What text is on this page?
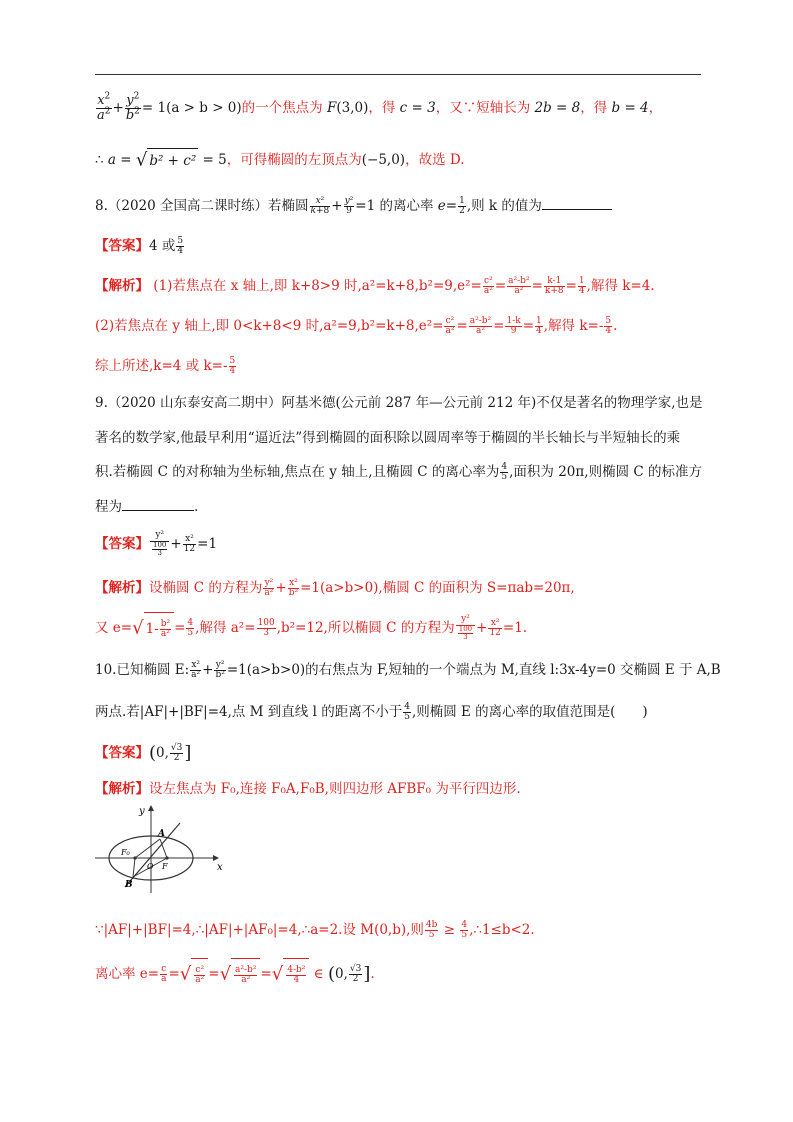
$\frac{x^2}{a^2} + \frac{y^2}{b^2} = 1(a > b > 0)$的一个焦点为 F(3,0)，得 c = 3，又∵短轴长为 2b = 8，得 b = 4，
∴ a = √ b² + c² = 5，可得椭圆的左顶点为(−5,0)，故选 D.
8.（2020 全国高二课时练）若椭圆 $\frac{\text{x²}}{k+8} + \frac{\text{y²}}{9} =1$ 的离心率 $e= \frac{1}{2}$ ,则 k 的值为
【答案】4 或 $\frac{5}{4}$
【解析】 (1)若焦点在 x 轴上,即 k+8>9 时$,a^2=k+8,b^2=9,e^2= \frac{\text{c²}}{\text{a²}} = \frac{\text{a²-b²}}{\text{a²}} = \frac{k-1}{k+8} = \frac{1}{4}$ ,解得 k=4.
(2)若焦点在 y 轴上,即 0<k+8<9 时$,a^2=9,b^2=k+8,e^2= \frac{\text{c²}}{\text{a²}} = \frac{\text{a²-b²}}{\text{a²}} = \frac{1-k}{9} = \frac{1}{4}$ ,解得 $k=- \frac{5}{4}$ .
综上所述,k=4 或 $k=- \frac{5}{4}$
9.（2020 山东泰安高二期中）阿基米德(公元前 287 年—公元前 212 年)不仅是著名的物理学家,也是
著名的数学家,他最早利用“逼近法”得到椭圆的面积除以圆周率等于椭圆的半长轴长与半短轴长的乘
积.若椭圆 C 的对称轴为坐标轴,焦点在 y 轴上,且椭圆 C 的离心率为 $\frac{4}{5}$ ,面积为 20π,则椭圆 C 的标准方
程为	.
【答案】 $\frac{\text{y²}}{\frac{100}{3}} + \frac{\text{x²}}{12} =1$
【解析】设椭圆 C 的方程为 $\frac{\text{y²}}{\text{a²}} + \frac{\text{x²}}{\text{b²}} =1(a>b>0)$,椭圆 C 的面积为 S=πab=20π,
又 e=√ $1- \frac{\text{b²}}{\text{a²}} = \frac{4}{5}$ ,解得 $a^2= \frac{100}{3} ,b^2=12$,所以椭圆 C 的方程为 $\frac{\text{y²}}{\frac{100}{3}} + \frac{\text{x²}}{12} =1$.
10.已知椭圆 E: $\frac{\text{x²}}{\text{a²}} + \frac{\text{y²}}{\text{b²}} =1(a>b>0)$的右焦点为 F,短轴的一个端点为 M,直线 l:3x-4y=0 交椭圆 E 于 A,B
两点.若|AF|+|BF|=4,点 M 到直线 l 的距离不小于 $\frac{4}{5}$ ,则椭圆 E 的离心率的取值范围是(　　)
【答案】(0, $\frac{√3}{2}$ ]
【解析】设左焦点为 F₀,连接 F₀A,F₀B,则四边形 AFBF₀ 为平行四边形.
y
x
A
B
F₀
O F
∵|AF|+|BF|=4,∴|AF|+|AF₀|=4,∴a=2.设 M(0,b),则 $\frac{4b}{5} \ge \frac{4}{5}$ ,∴1≤b<2.
离心率 $e= \frac{c}{a}$ =√ $\frac{\text{c²}}{\text{a²}}$ =√ $\frac{\text{a²-b²}}{\text{a²}}$ =√ $\frac{\text{4-b²}}{4}$ ∈ (0, $\frac{√3}{2}$ ].
